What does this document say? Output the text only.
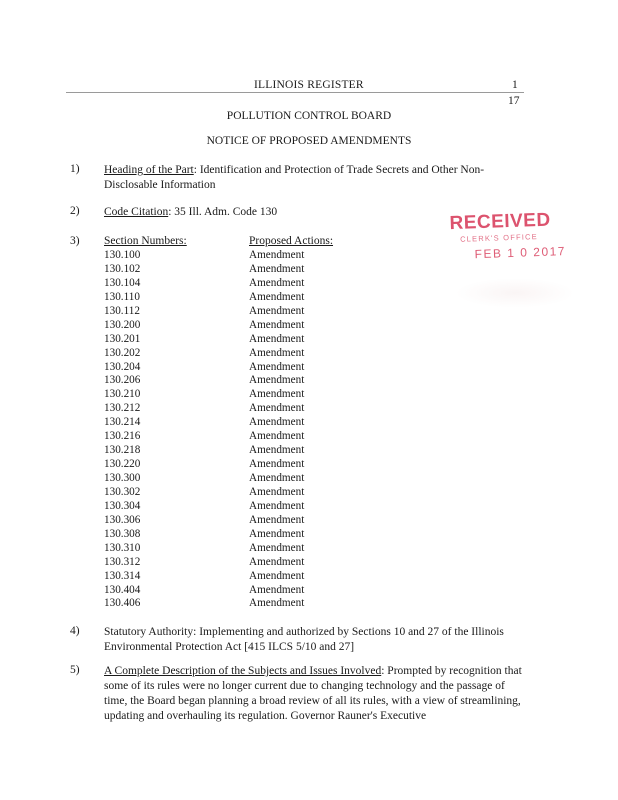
ILLINOIS REGISTER	1
17
POLLUTION CONTROL BOARD
NOTICE OF PROPOSED AMENDMENTS
1) Heading of the Part: Identification and Protection of Trade Secrets and Other Non-Disclosable Information
2) Code Citation: 35 Ill. Adm. Code 130
3) Section Numbers:	Proposed Actions:
130.100
130.102
130.104
130.110
130.112
130.200
130.201
130.202
130.204
130.206
130.210
130.212
130.214
130.216
130.218
130.220
130.300
130.302
130.304
130.306
130.308
130.310
130.312
130.314
130.404
130.406
Amendment
Amendment
Amendment
Amendment
Amendment
Amendment
Amendment
Amendment
Amendment
Amendment
Amendment
Amendment
Amendment
Amendment
Amendment
Amendment
Amendment
Amendment
Amendment
Amendment
Amendment
Amendment
Amendment
Amendment
Amendment
Amendment
4) Statutory Authority: Implementing and authorized by Sections 10 and 27 of the Illinois Environmental Protection Act [415 ILCS 5/10 and 27]
5) A Complete Description of the Subjects and Issues Involved: Prompted by recognition that some of its rules were no longer current due to changing technology and the passage of time, the Board began planning a broad review of all its rules, with a view of streamlining, updating and overhauling its regulation. Governor Rauner's Executive
RECEIVED
CLERK'S OFFICE
FEB 1 0 2017
